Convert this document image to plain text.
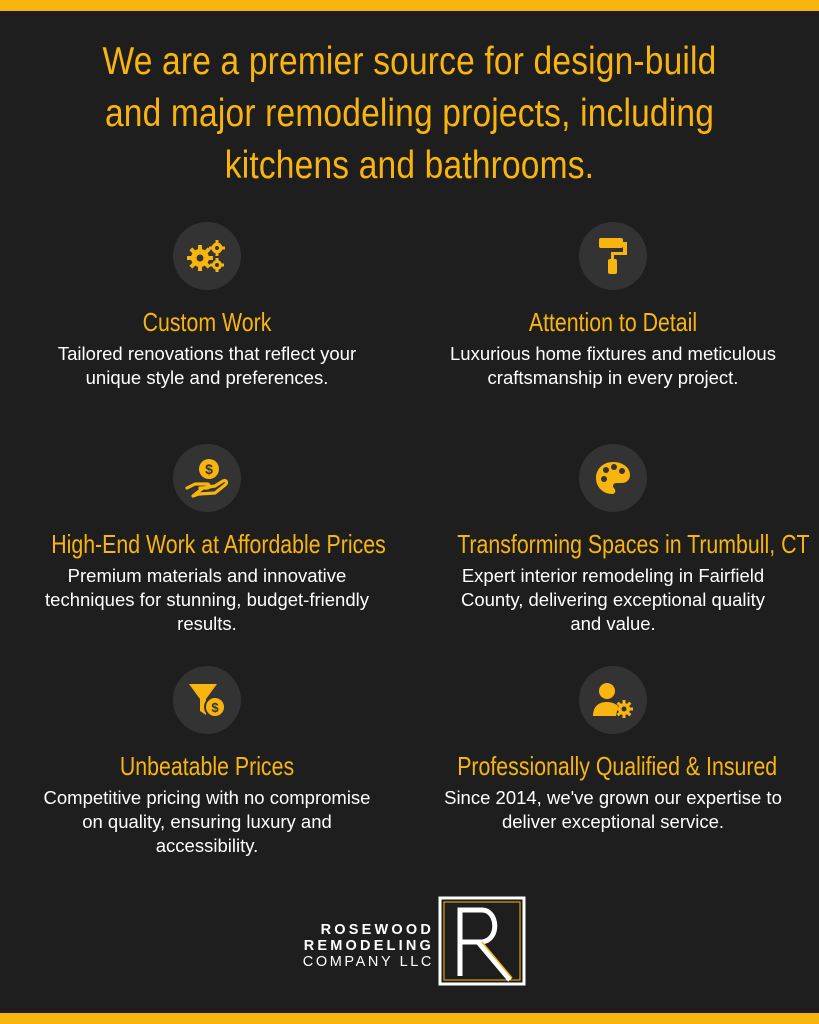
We are a premier source for design-build and major remodeling projects, including kitchens and bathrooms.
Custom Work
Tailored renovations that reflect your unique style and preferences.
Attention to Detail
Luxurious home fixtures and meticulous craftsmanship in every project.
$
High-End Work at Affordable Prices
Premium materials and innovative techniques for stunning, budget-friendly results.
Transforming Spaces in Trumbull, CT
Expert interior remodeling in Fairfield County, delivering exceptional quality and value.
$
Unbeatable Prices
Competitive pricing with no compromise on quality, ensuring luxury and accessibility.
Professionally Qualified & Insured
Since 2014, we've grown our expertise to deliver exceptional service.
ROSEWOOD
REMODELING
COMPANY LLC
